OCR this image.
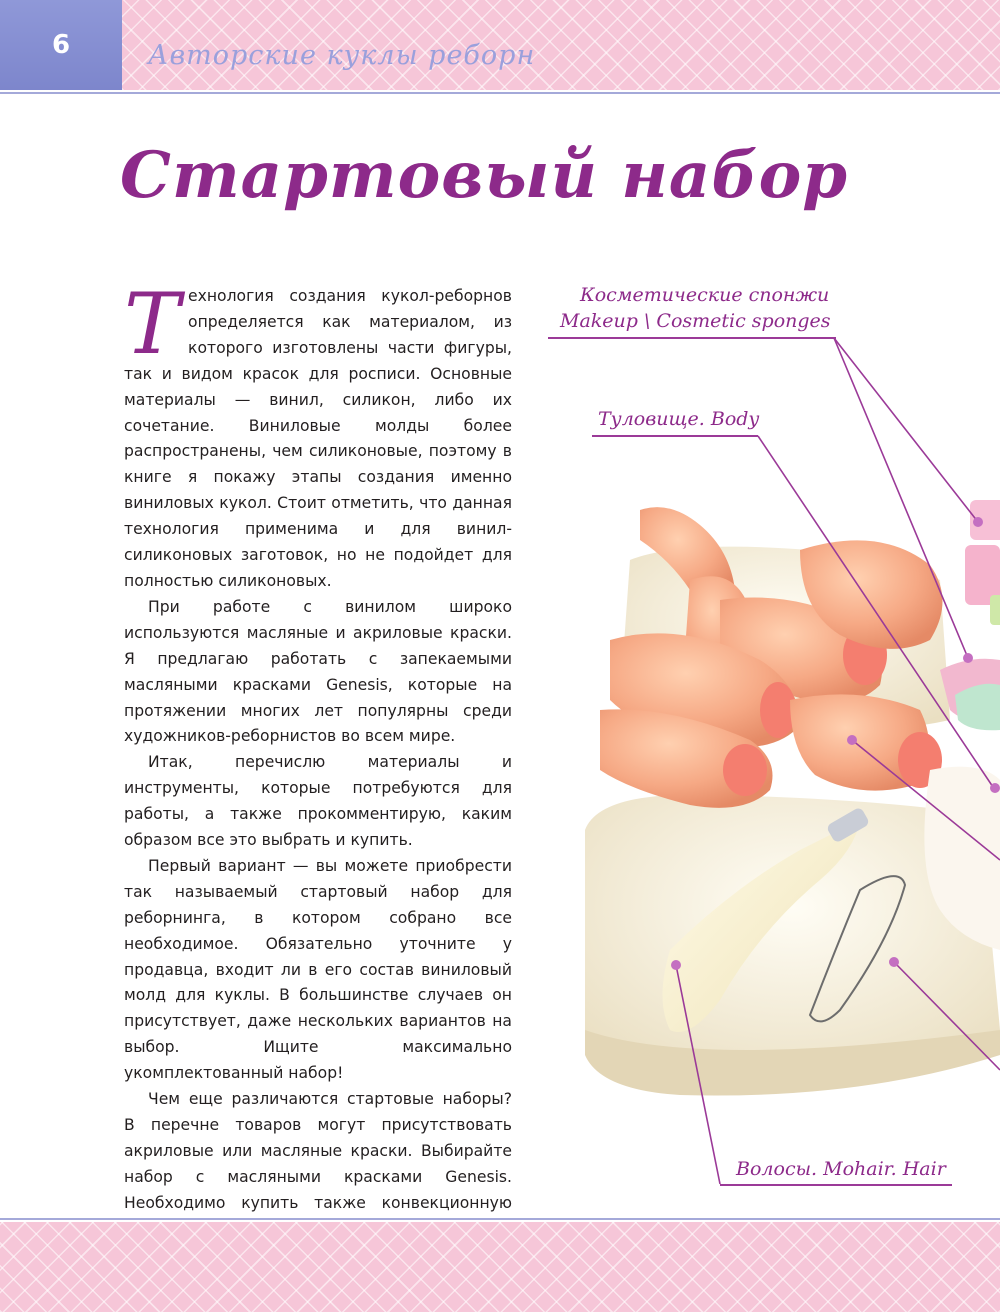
6	Авторские куклы реборн
Стартовый набор

Технология создания кукол-реборнов определяется как материалом, из которого изготовлены части фигуры, так и видом красок для росписи. Основные материалы — винил, силикон, либо их сочетание. Виниловые молды более распространены, чем силиконовые, поэтому в книге я покажу этапы создания именно виниловых кукол. Стоит отметить, что данная технология применима и для винил-силиконовых заготовок, но не подойдет для полностью силиконовых.

При работе с винилом широко используются масляные и акриловые краски. Я предлагаю работать с запекаемыми масляными красками Genesis, которые на протяжении многих лет популярны среди художников-реборнистов во всем мире.

Итак, перечислю материалы и инструменты, которые потребуются для работы, а также прокомментирую, каким образом все это выбрать и купить.

Первый вариант — вы можете приобрести так называемый стартовый набор для реборнинга, в котором собрано все необходимое. Обязательно уточните у продавца, входит ли в его состав виниловый молд для куклы. В большинстве случаев он присутствует, даже нескольких вариантов на выбор. Ищите максимально укомплектованный набор!

Чем еще различаются стартовые наборы? В перечне товаров могут присутствовать акриловые или масляные краски. Выбирайте набор с масляными красками Genesis. Необходимо купить также конвекционную

Косметические спонжи
Makeup \ Cosmetic sponges
Туловище. Body
Волосы. Mohair. Hair
